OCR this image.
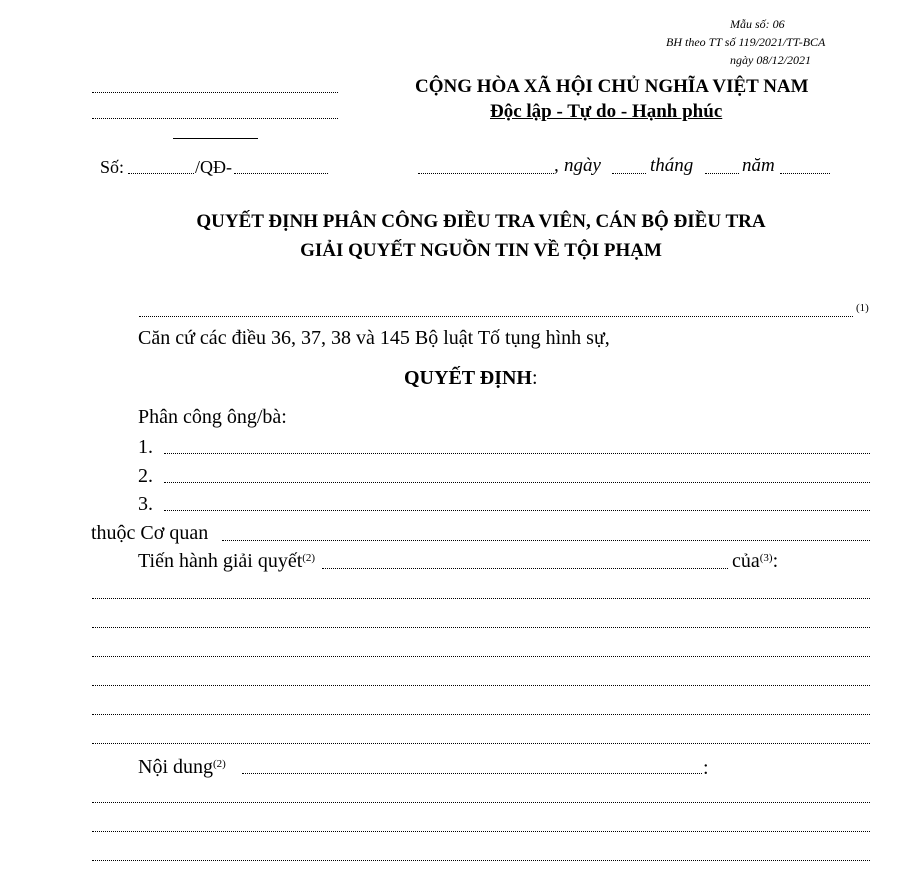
Mẫu số: 06
BH theo TT số 119/2021/TT-BCA
ngày 08/12/2021
CỘNG HÒA XÃ HỘI CHỦ NGHĨA VIỆT NAM
Độc lập - Tự do - Hạnh phúc
Số:	/QĐ-	, ngày	tháng	năm
QUYẾT ĐỊNH PHÂN CÔNG ĐIỀU TRA VIÊN, CÁN BỘ ĐIỀU TRA
GIẢI QUYẾT NGUỒN TIN VỀ TỘI PHẠM
(1)
Căn cứ các điều 36, 37, 38 và 145 Bộ luật Tố tụng hình sự,
QUYẾT ĐỊNH:
Phân công ông/bà:
1.
2.
3.
thuộc Cơ quan
Tiến hành giải quyết$^{(2)}$	của$^{(3)}$:
Nội dung$^{(2)}$	:
